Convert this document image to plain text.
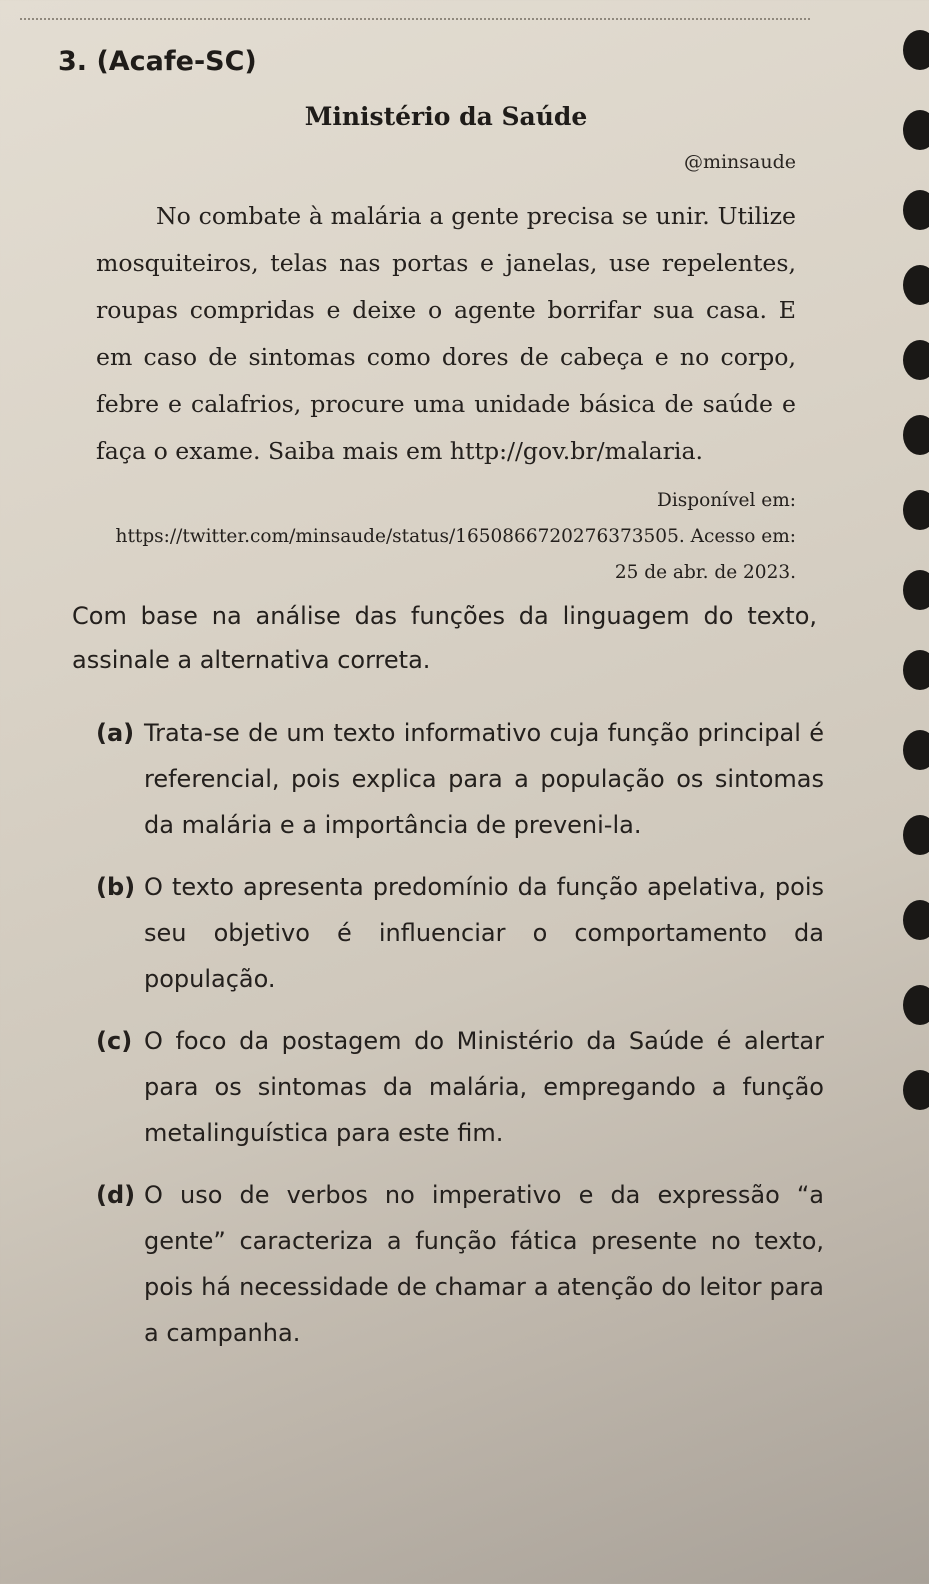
3. (Acafe-SC)
Ministério da Saúde
@minsaude
No combate à malária a gente precisa se unir. Utilize mosquiteiros, telas nas portas e janelas, use repelentes, roupas compridas e deixe o agente borrifar sua casa. E em caso de sintomas como dores de cabeça e no corpo, febre e calafrios, procure uma unidade básica de saúde e faça o exame. Saiba mais em http://gov.br/malaria.
Disponível em: https://twitter.com/minsaude/status/1650866720276373505. Acesso em: 25 de abr. de 2023.
Com base na análise das funções da linguagem do texto, assinale a alternativa correta.
(a) Trata-se de um texto informativo cuja função principal é referencial, pois explica para a população os sintomas da malária e a importância de preveni-la.
(b) O texto apresenta predomínio da função apelativa, pois seu objetivo é influenciar o comportamento da população.
(c) O foco da postagem do Ministério da Saúde é alertar para os sintomas da malária, empregando a função metalinguística para este fim.
(d) O uso de verbos no imperativo e da expressão “a gente” caracteriza a função fática presente no texto, pois há necessidade de chamar a atenção do leitor para a campanha.
